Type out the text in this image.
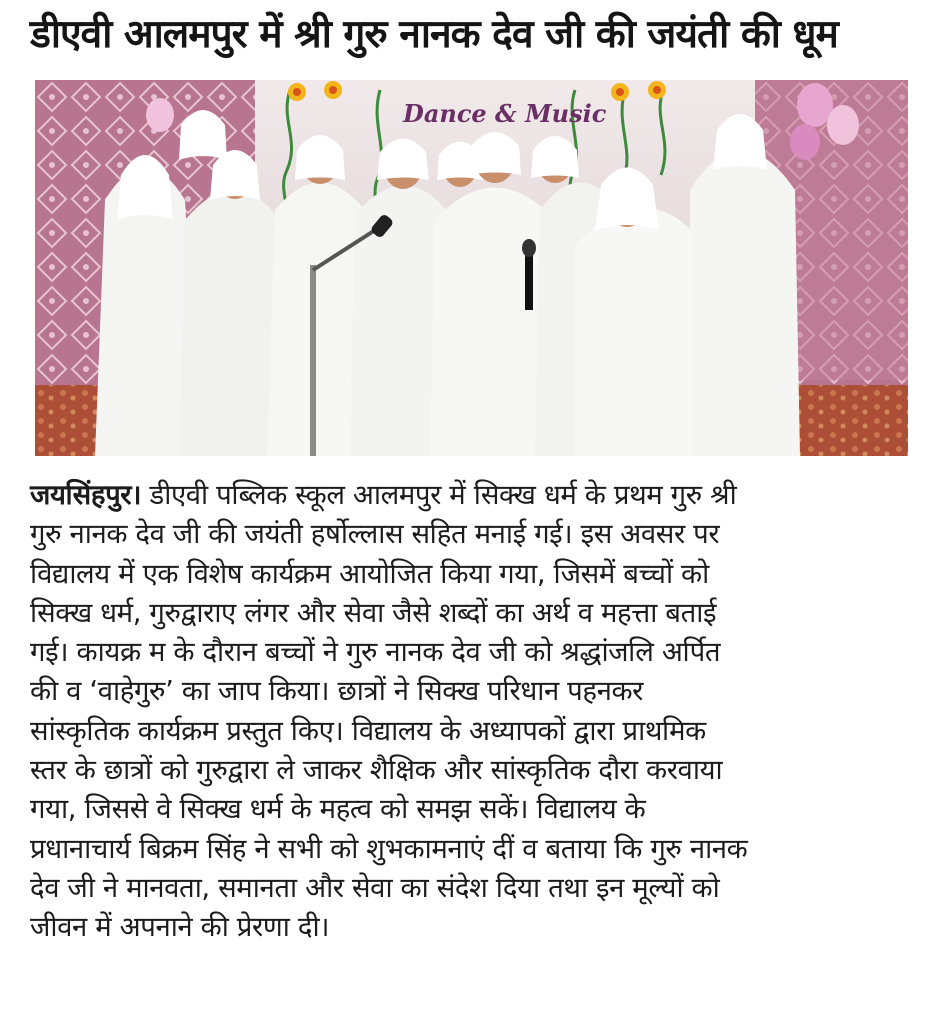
डीएवी आलमपुर में श्री गुरु नानक देव जी की जयंती की धूम
Dance & Music
जयसिंहपुर। डीएवी पब्लिक स्कूल आलमपुर में सिक्ख धर्म के प्रथम गुरु श्री
गुरु नानक देव जी की जयंती हर्षोल्लास सहित मनाई गई। इस अवसर पर
विद्यालय में एक विशेष कार्यक्रम आयोजित किया गया, जिसमें बच्चों को
सिक्ख धर्म, गुरुद्वाराए लंगर और सेवा जैसे शब्दों का अर्थ व महत्ता बताई
गई। कायक्र म के दौरान बच्चों ने गुरु नानक देव जी को श्रद्धांजलि अर्पित
की व ‘वाहेगुरु’ का जाप किया। छात्रों ने सिक्ख परिधान पहनकर
सांस्कृतिक कार्यक्रम प्रस्तुत किए। विद्यालय के अध्यापकों द्वारा प्राथमिक
स्तर के छात्रों को गुरुद्वारा ले जाकर शैक्षिक और सांस्कृतिक दौरा करवाया
गया, जिससे वे सिक्ख धर्म के महत्व को समझ सकें। विद्यालय के
प्रधानाचार्य बिक्रम सिंह ने सभी को शुभकामनाएं दीं व बताया कि गुरु नानक
देव जी ने मानवता, समानता और सेवा का संदेश दिया तथा इन मूल्यों को
जीवन में अपनाने की प्रेरणा दी।
